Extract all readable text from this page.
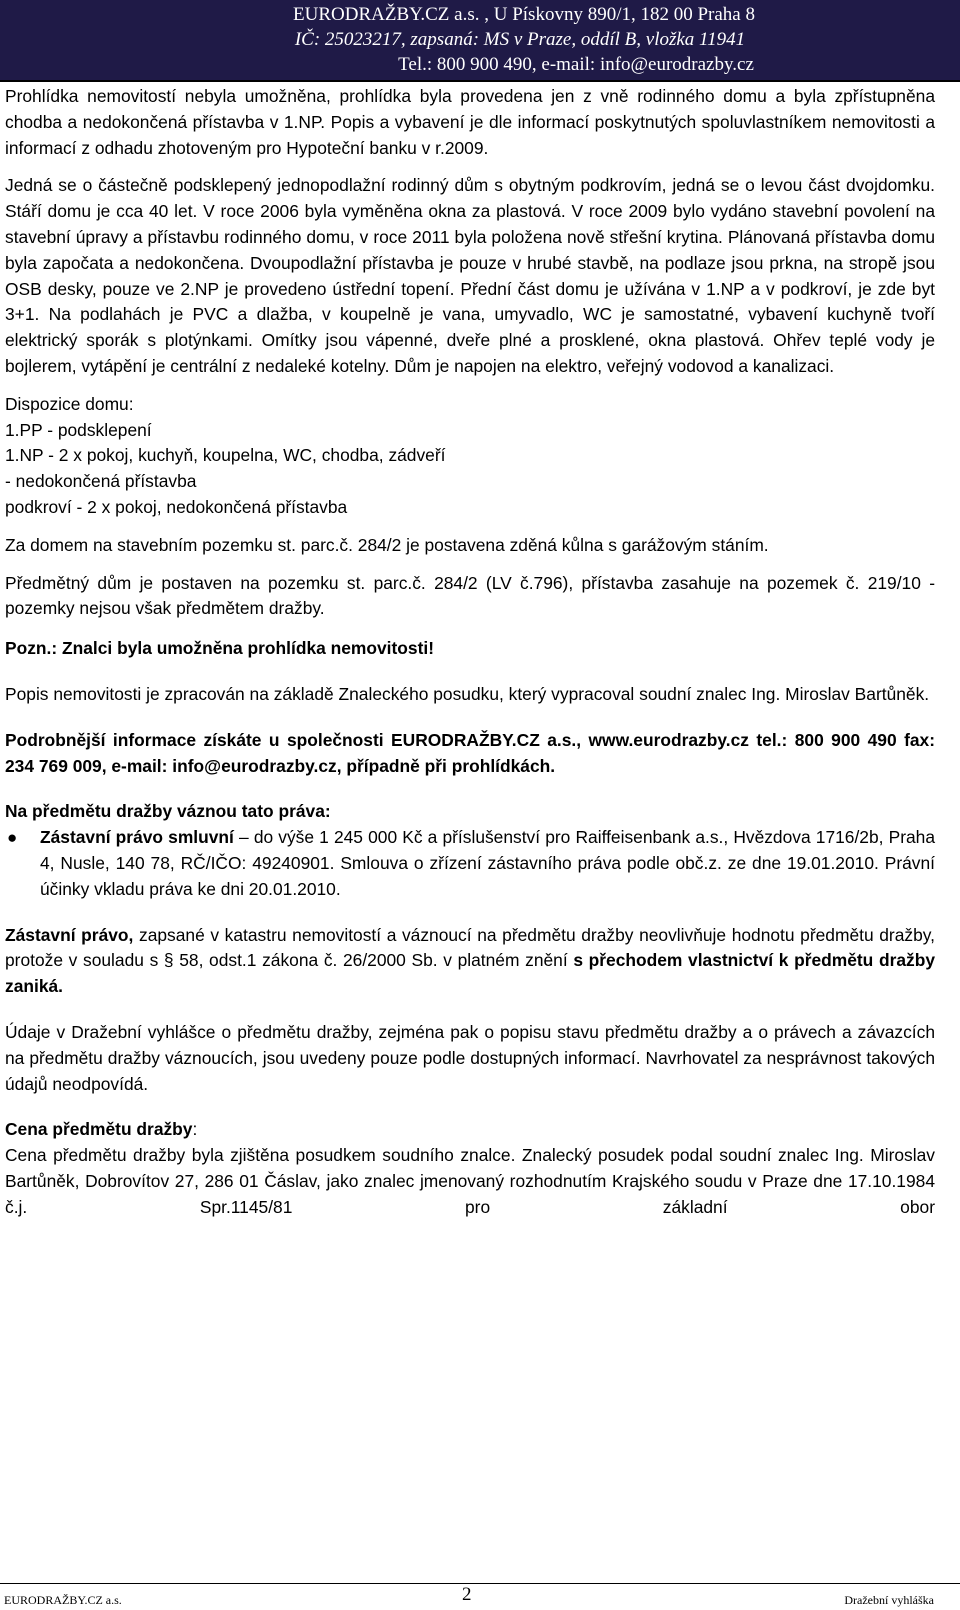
EURODRAŽBY.CZ a.s. , U Pískovny 890/1, 182 00 Praha 8
IČ: 25023217, zapsaná: MS v Praze, oddíl B, vložka 11941
Tel.: 800 900 490, e-mail: info@eurodrazby.cz

Prohlídka nemovitostí nebyla umožněna, prohlídka byla provedena jen z vně rodinného domu a byla zpřístupněna chodba a nedokončená přístavba v 1.NP. Popis a vybavení je dle informací poskytnutých spoluvlastníkem nemovitosti a informací z odhadu zhotoveným pro Hypoteční banku v r.2009.

Jedná se o částečně podsklepený jednopodlažní rodinný dům s obytným podkrovím, jedná se o levou část dvojdomku. Stáří domu je cca 40 let. V roce 2006 byla vyměněna okna za plastová. V roce 2009 bylo vydáno stavební povolení na stavební úpravy a přístavbu rodinného domu, v roce 2011 byla položena nově střešní krytina. Plánovaná přístavba domu byla započata a nedokončena. Dvoupodlažní přístavba je pouze v hrubé stavbě, na podlaze jsou prkna, na stropě jsou OSB desky, pouze ve 2.NP je provedeno ústřední topení. Přední část domu je užívána v 1.NP a v podkroví, je zde byt 3+1. Na podlahách je PVC a dlažba, v koupelně je vana, umyvadlo, WC je samostatné, vybavení kuchyně tvoří elektrický sporák s plotýnkami. Omítky jsou vápenné, dveře plné a prosklené, okna plastová. Ohřev teplé vody je bojlerem, vytápění je centrální z nedaleké kotelny. Dům je napojen na elektro, veřejný vodovod a kanalizaci.

Dispozice domu:

1.PP - podsklepení

1.NP - 2 x pokoj, kuchyň, koupelna, WC, chodba, zádveří

- nedokončená přístavba

podkroví - 2 x pokoj, nedokončená přístavba

Za domem na stavebním pozemku st. parc.č. 284/2 je postavena zděná kůlna s garážovým stáním.

Předmětný dům je postaven na pozemku st. parc.č. 284/2 (LV č.796), přístavba zasahuje na pozemek č. 219/10 - pozemky nejsou však předmětem dražby.

Pozn.: Znalci byla umožněna prohlídka nemovitosti!

Popis nemovitosti je zpracován na základě Znaleckého posudku, který vypracoval soudní znalec Ing. Miroslav Bartůněk.

Podrobnější informace získáte u společnosti EURODRAŽBY.CZ a.s., www.eurodrazby.cz tel.: 800 900 490 fax: 234 769 009, e-mail: info@eurodrazby.cz, případně při prohlídkách.

Na předmětu dražby váznou tato práva:

● Zástavní právo smluvní – do výše 1 245 000 Kč a příslušenství pro Raiffeisenbank a.s., Hvězdova 1716/2b, Praha 4, Nusle, 140 78, RČ/IČO: 49240901. Smlouva o zřízení zástavního práva podle obč.z. ze dne 19.01.2010. Právní účinky vkladu práva ke dni 20.01.2010.

Zástavní právo, zapsané v katastru nemovitostí a váznoucí na předmětu dražby neovlivňuje hodnotu předmětu dražby, protože v souladu s § 58, odst.1 zákona č. 26/2000 Sb. v platném znění s přechodem vlastnictví k předmětu dražby zaniká.

Údaje v Dražební vyhlášce o předmětu dražby, zejména pak o popisu stavu předmětu dražby a o právech a závazcích na předmětu dražby váznoucích, jsou uvedeny pouze podle dostupných informací. Navrhovatel za nesprávnost takových údajů neodpovídá.

Cena předmětu dražby:

Cena předmětu dražby byla zjištěna posudkem soudního znalce. Znalecký posudek podal soudní znalec Ing. Miroslav Bartůněk, Dobrovítov 27, 286 01 Čáslav, jako znalec jmenovaný rozhodnutím Krajského soudu v Praze dne 17.10.1984 č.j. Spr.1145/81 pro základní obor

EURODRAŽBY.CZ a.s.	2	Dražební vyhláška
